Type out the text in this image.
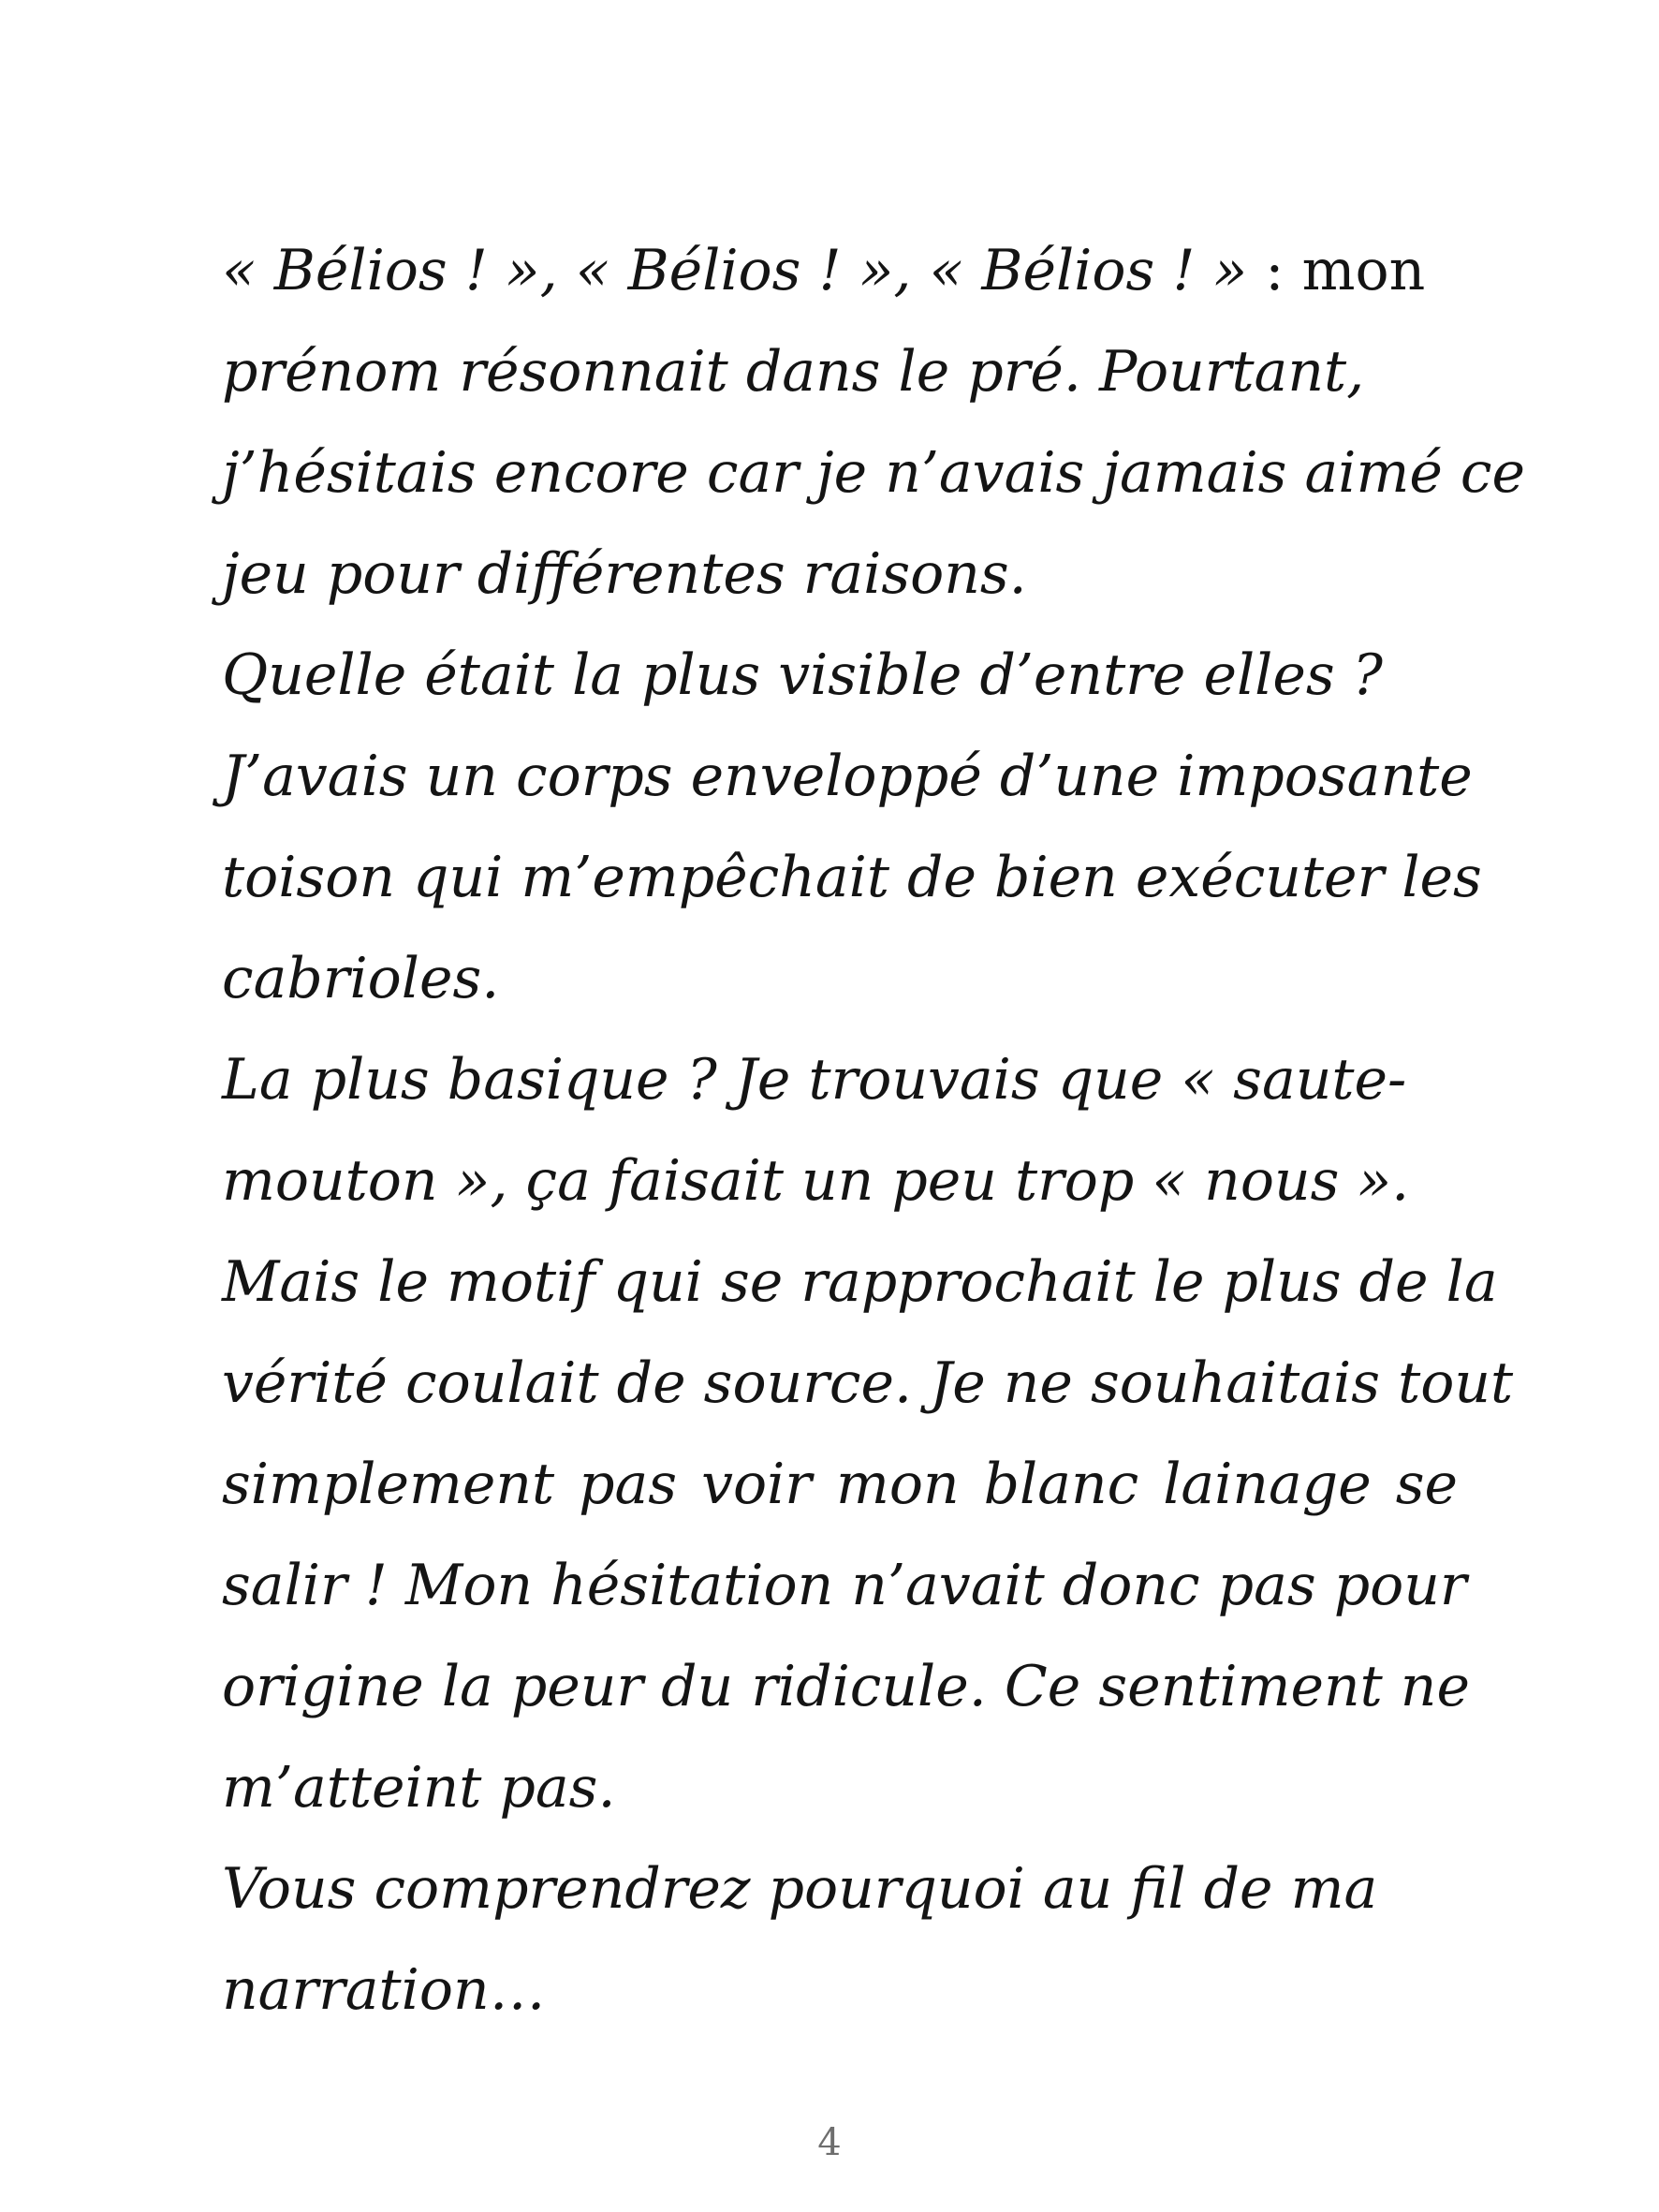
« Bélios ! », « Bélios ! », « Bélios ! » : mon
prénom résonnait dans le pré. Pourtant,
j’hésitais encore car je n’avais jamais aimé ce
jeu pour différentes raisons.
Quelle était la plus visible d’entre elles ?
J’avais un corps enveloppé d’une imposante
toison qui m’empêchait de bien exécuter les
cabrioles.
La plus basique ? Je trouvais que « saute-
mouton », ça faisait un peu trop « nous ».
Mais le motif qui se rapprochait le plus de la
vérité coulait de source. Je ne souhaitais tout
simplement pas voir mon blanc lainage se
salir ! Mon hésitation n’avait donc pas pour
origine la peur du ridicule. Ce sentiment ne
m’atteint pas.
Vous comprendrez pourquoi au fil de ma
narration…
4
